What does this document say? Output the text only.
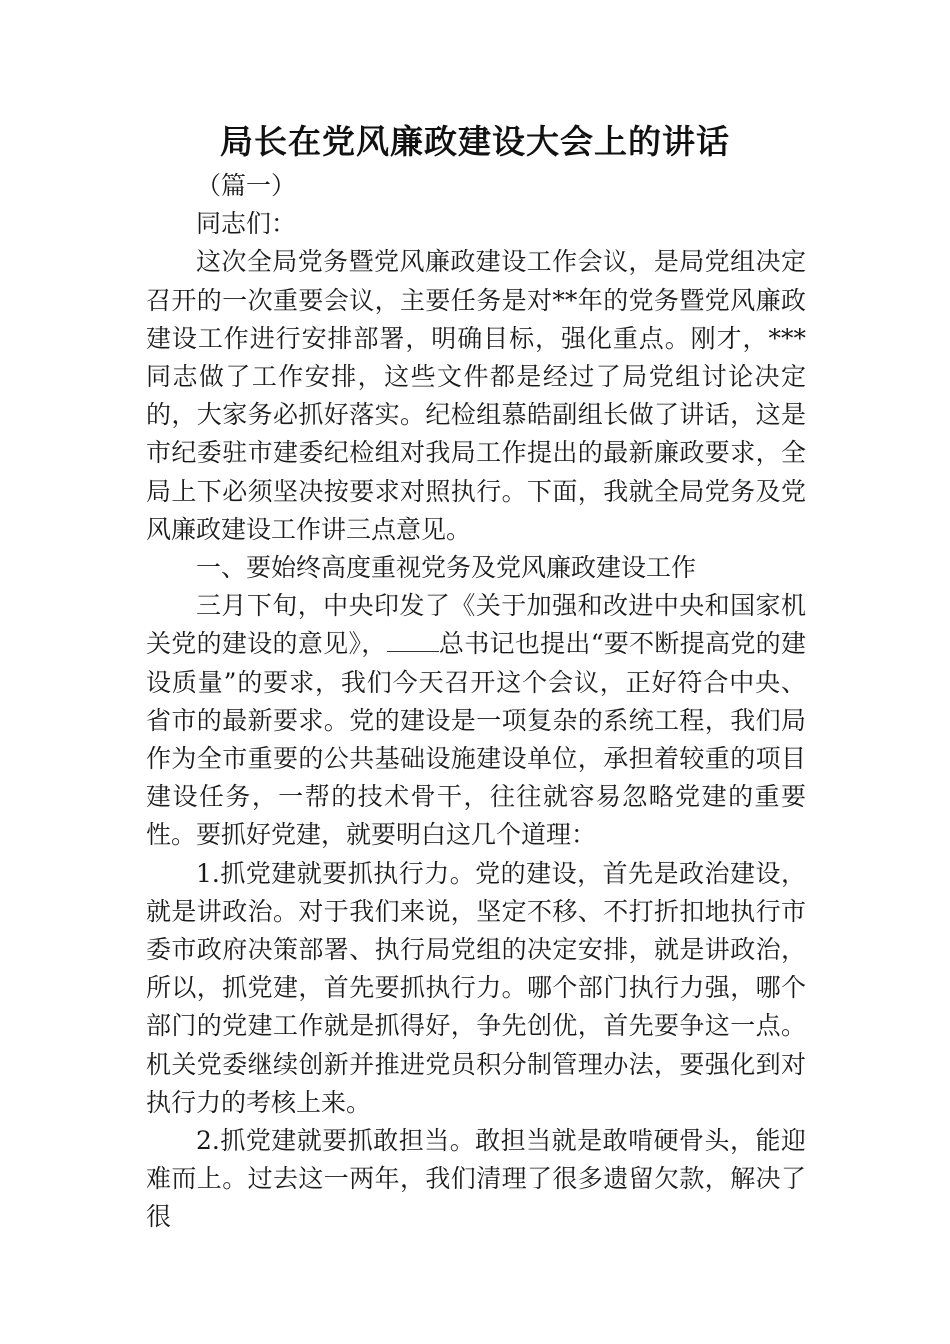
局长在党风廉政建设大会上的讲话

（篇一）

同志们：

这次全局党务暨党风廉政建设工作会议，是局党组决定召开的一次重要会议，主要任务是对**年的党务暨党风廉政建设工作进行安排部署，明确目标，强化重点。刚才，***同志做了工作安排，这些文件都是经过了局党组讨论决定的，大家务必抓好落实。纪检组慕皓副组长做了讲话，这是市纪委驻市建委纪检组对我局工作提出的最新廉政要求，全局上下必须坚决按要求对照执行。下面，我就全局党务及党风廉政建设工作讲三点意见。

一、要始终高度重视党务及党风廉政建设工作

三月下旬，中央印发了《关于加强和改进中央和国家机关党的建设的意见》， 总书记也提出“要不断提高党的建设质量”的要求，我们今天召开这个会议，正好符合中央、省市的最新要求。党的建设是一项复杂的系统工程，我们局作为全市重要的公共基础设施建设单位，承担着较重的项目建设任务，一帮的技术骨干，往往就容易忽略党建的重要性。要抓好党建，就要明白这几个道理：

1.抓党建就要抓执行力。党的建设，首先是政治建设，就是讲政治。对于我们来说，坚定不移、不打折扣地执行市委市政府决策部署、执行局党组的决定安排，就是讲政治，所以，抓党建，首先要抓执行力。哪个部门执行力强，哪个部门的党建工作就是抓得好，争先创优，首先要争这一点。机关党委继续创新并推进党员积分制管理办法，要强化到对执行力的考核上来。

2.抓党建就要抓敢担当。敢担当就是敢啃硬骨头，能迎难而上。过去这一两年，我们清理了很多遗留欠款，解决了很
